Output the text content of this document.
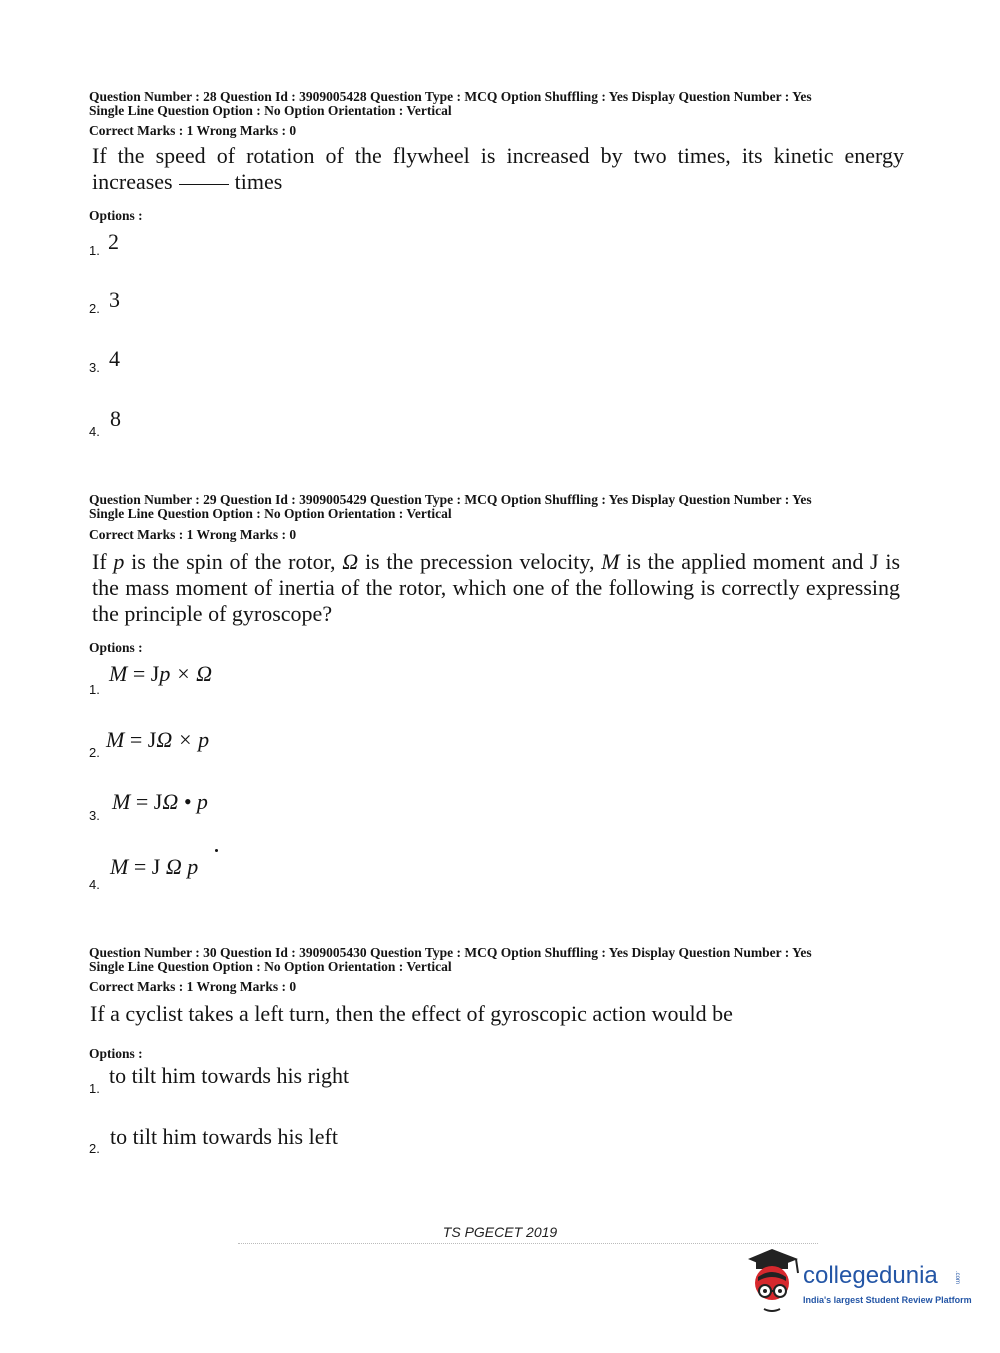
Question Number : 28 Question Id : 3909005428 Question Type : MCQ Option Shuffling : Yes Display Question Number : Yes
Single Line Question Option : No Option Orientation : Vertical
Correct Marks : 1 Wrong Marks : 0
If the speed of rotation of the flywheel is increased by two times, its kinetic energy increases	times
Options :
1. 2
2. 3
3. 4
4.
8
Question Number : 29 Question Id : 3909005429 Question Type : MCQ Option Shuffling : Yes Display Question Number : Yes
Single Line Question Option : No Option Orientation : Vertical
Correct Marks : 1 Wrong Marks : 0
If p is the spin of the rotor, Ω is the precession velocity, M is the applied moment and J is the mass moment of inertia of the rotor, which one of the following is correctly expressing the principle of gyroscope?
Options :
1.
M = Jp × Ω
2.
M = JΩ × p
3.
M = JΩ • p
4.
M = J Ω p
Question Number : 30 Question Id : 3909005430 Question Type : MCQ Option Shuffling : Yes Display Question Number : Yes
Single Line Question Option : No Option Orientation : Vertical
Correct Marks : 1 Wrong Marks : 0
If a cyclist takes a left turn, then the effect of gyroscopic action would be
Options :
1.
to tilt him towards his right
2. to tilt him towards his left
TS PGECET 2019
collegedunia	.com
India's largest Student Review Platform
